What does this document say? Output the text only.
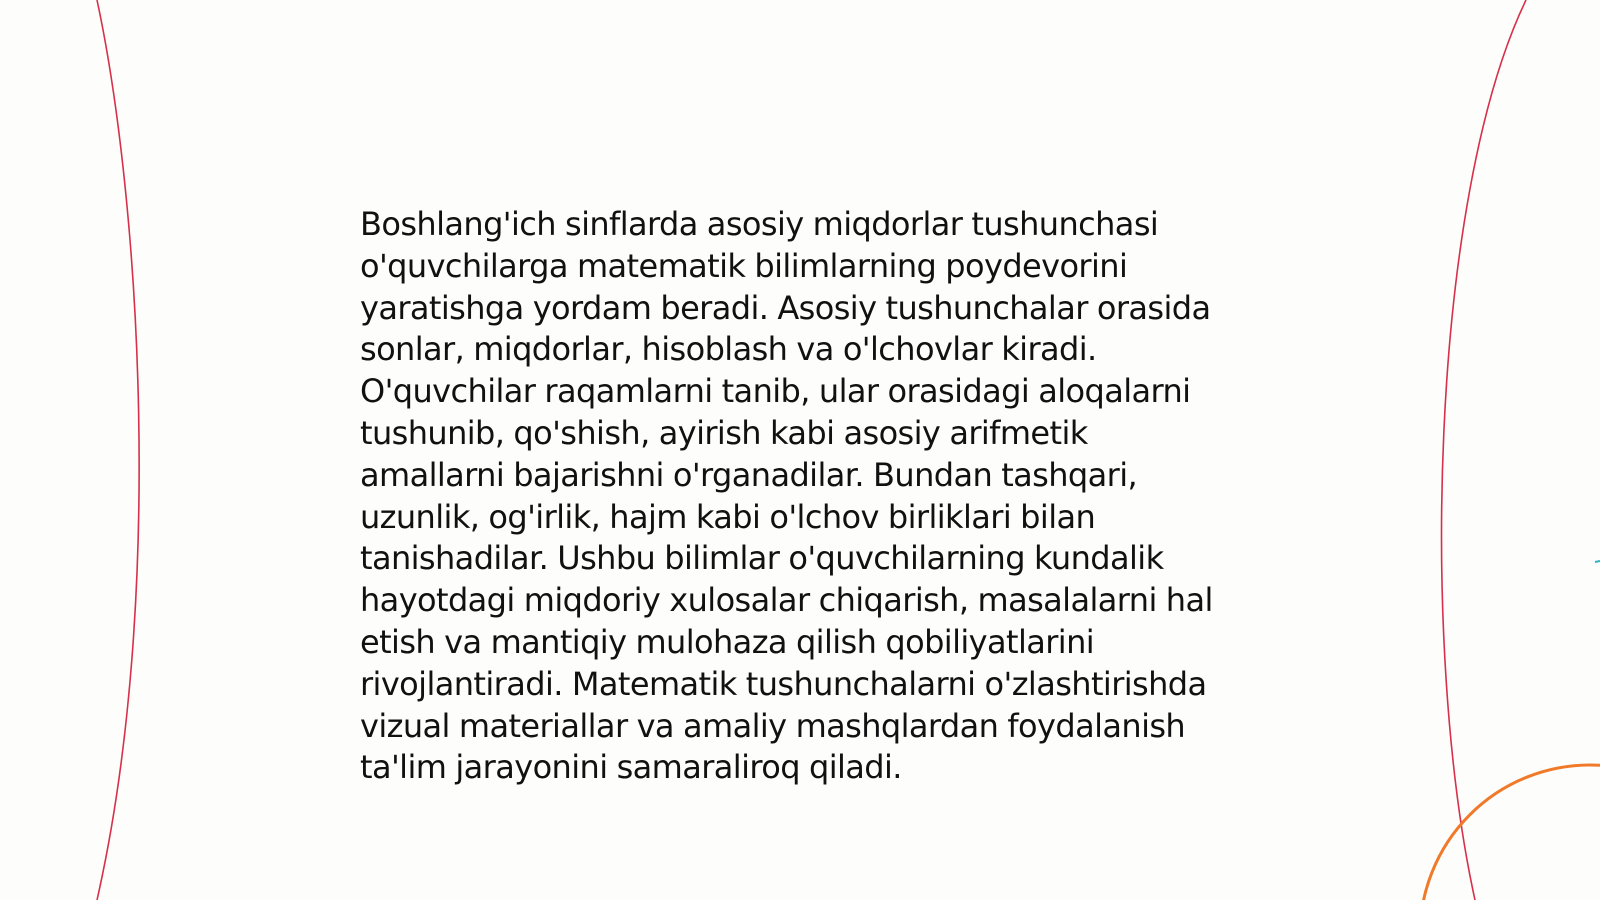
Boshlang'ich sinflarda asosiy miqdorlar tushunchasi o'quvchilarga matematik bilimlarning poydevorini yaratishga yordam beradi. Asosiy tushunchalar orasida sonlar, miqdorlar, hisoblash va o'lchovlar kiradi. O'quvchilar raqamlarni tanib, ular orasidagi aloqalarni tushunib, qo'shish, ayirish kabi asosiy arifmetik amallarni bajarishni o'rganadilar. Bundan tashqari, uzunlik, og'irlik, hajm kabi o'lchov birliklari bilan tanishadilar. Ushbu bilimlar o'quvchilarning kundalik hayotdagi miqdoriy xulosalar chiqarish, masalalarni hal etish va mantiqiy mulohaza qilish qobiliyatlarini rivojlantiradi. Matematik tushunchalarni o'zlashtirishda vizual materiallar va amaliy mashqlardan foydalanish ta'lim jarayonini samaraliroq qiladi.
